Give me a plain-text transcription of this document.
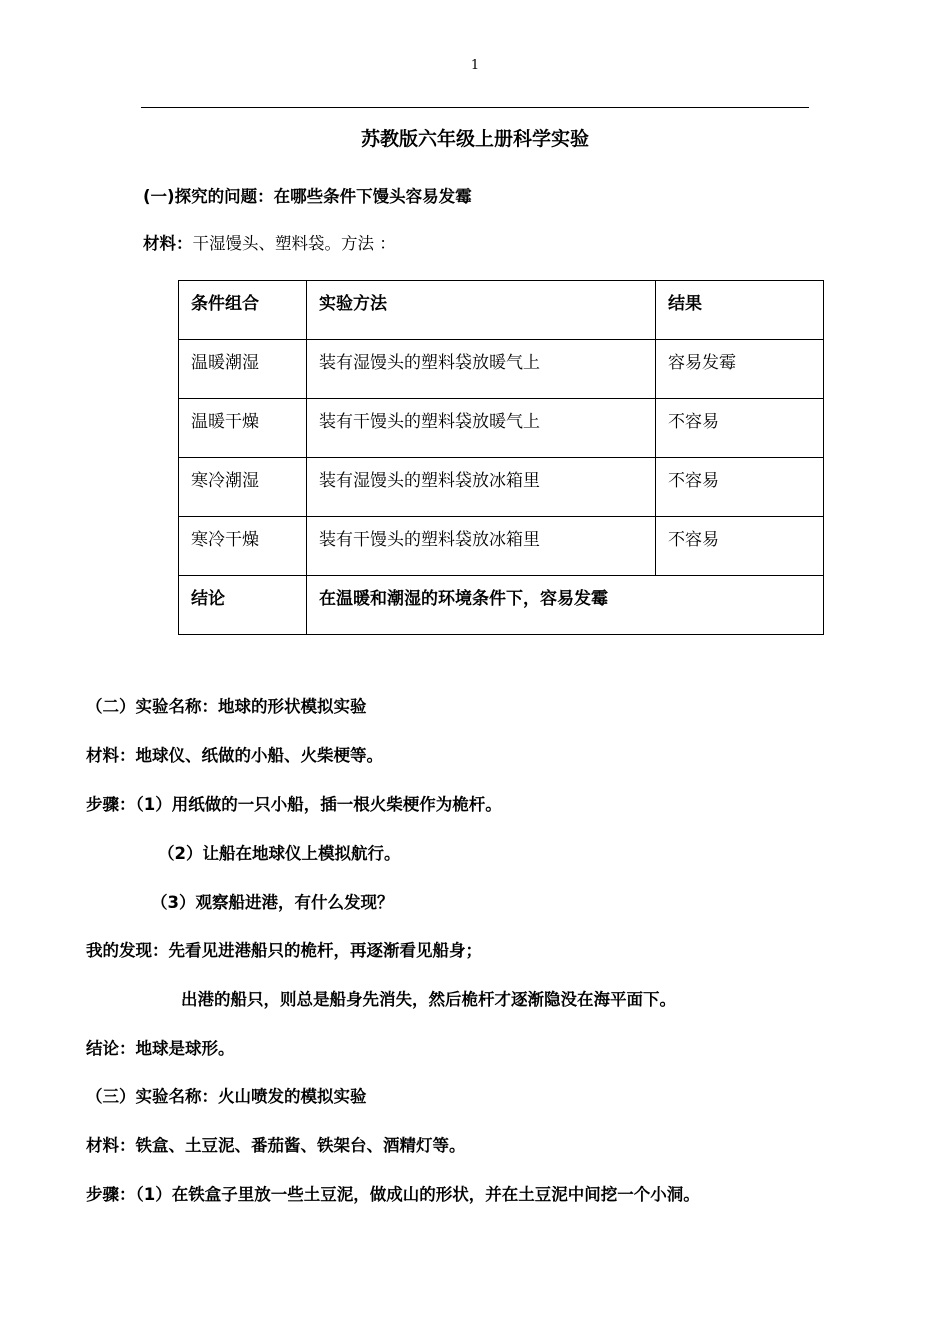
1
苏教版六年级上册科学实验
(一)探究的问题：在哪些条件下馒头容易发霉
材料：干湿馒头、塑料袋。方法 ：
条件组合	实验方法	结果
温暖潮湿	装有湿馒头的塑料袋放暖气上	容易发霉
温暖干燥	装有干馒头的塑料袋放暖气上	不容易
寒冷潮湿	装有湿馒头的塑料袋放冰箱里	不容易
寒冷干燥	装有干馒头的塑料袋放冰箱里	不容易
结论	在温暖和潮湿的环境条件下，容易发霉	
（二）实验名称：地球的形状模拟实验
材料：地球仪、纸做的小船、火柴梗等。
步骤：（1）用纸做的一只小船，插一根火柴梗作为桅杆。
（2）让船在地球仪上模拟航行。
（3）观察船进港，有什么发现？
我的发现：先看见进港船只的桅杆，再逐渐看见船身；
出港的船只，则总是船身先消失，然后桅杆才逐渐隐没在海平面下。
结论：地球是球形。
（三）实验名称：火山喷发的模拟实验
材料：铁盒、土豆泥、番茄酱、铁架台、酒精灯等。
步骤：（1）在铁盒子里放一些土豆泥，做成山的形状，并在土豆泥中间挖一个小洞。
